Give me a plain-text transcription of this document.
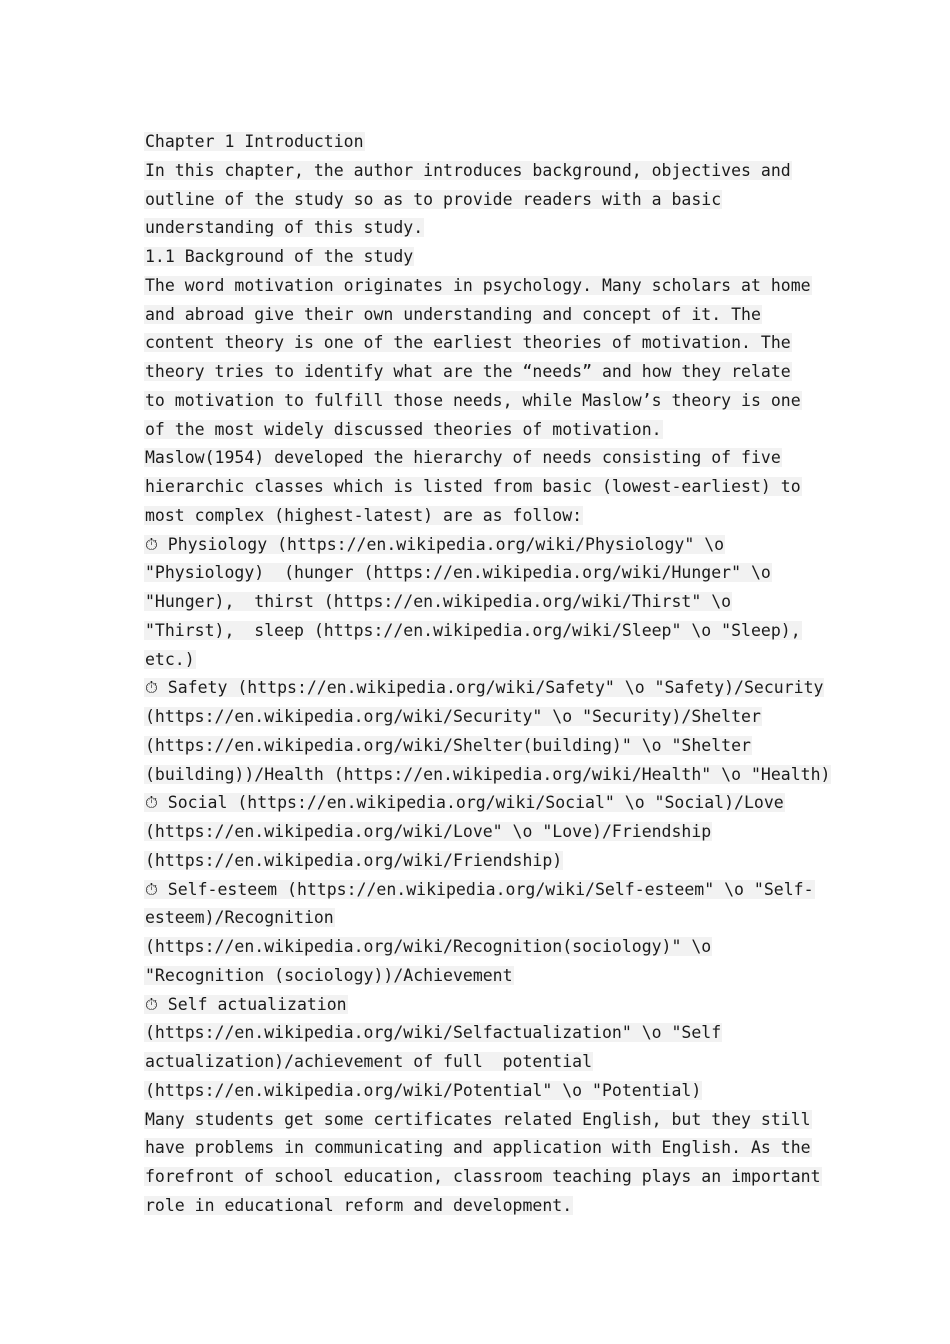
Chapter 1 Introduction
In this chapter, the author introduces background, objectives and
outline of the study so as to provide readers with a basic
understanding of this study.
1.1 Background of the study
The word motivation originates in psychology. Many scholars at home
and abroad give their own understanding and concept of it. The
content theory is one of the earliest theories of motivation. The
theory tries to identify what are the “needs” and how they relate
to motivation to fulfill those needs, while Maslow’s theory is one
of the most widely discussed theories of motivation.
Maslow(1954) developed the hierarchy of needs consisting of five
hierarchic classes which is listed from basic (lowest-earliest) to
most complex (highest-latest) are as follow:
⏱ Physiology (https://en.wikipedia.org/wiki/Physiology" \o
"Physiology)  (hunger (https://en.wikipedia.org/wiki/Hunger" \o
"Hunger),  thirst (https://en.wikipedia.org/wiki/Thirst" \o
"Thirst),  sleep (https://en.wikipedia.org/wiki/Sleep" \o "Sleep),
etc.)
⏱ Safety (https://en.wikipedia.org/wiki/Safety" \o "Safety)/Security
(https://en.wikipedia.org/wiki/Security" \o "Security)/Shelter
(https://en.wikipedia.org/wiki/Shelter(building)" \o "Shelter
(building))/Health (https://en.wikipedia.org/wiki/Health" \o "Health)
⏱ Social (https://en.wikipedia.org/wiki/Social" \o "Social)/Love
(https://en.wikipedia.org/wiki/Love" \o "Love)/Friendship
(https://en.wikipedia.org/wiki/Friendship)
⏱ Self-esteem (https://en.wikipedia.org/wiki/Self-esteem" \o "Self-
esteem)/Recognition
(https://en.wikipedia.org/wiki/Recognition(sociology)" \o
"Recognition (sociology))/Achievement
⏱ Self actualization
(https://en.wikipedia.org/wiki/Selfactualization" \o "Self
actualization)/achievement of full  potential
(https://en.wikipedia.org/wiki/Potential" \o "Potential)
Many students get some certificates related English, but they still
have problems in communicating and application with English. As the
forefront of school education, classroom teaching plays an important
role in educational reform and development.
